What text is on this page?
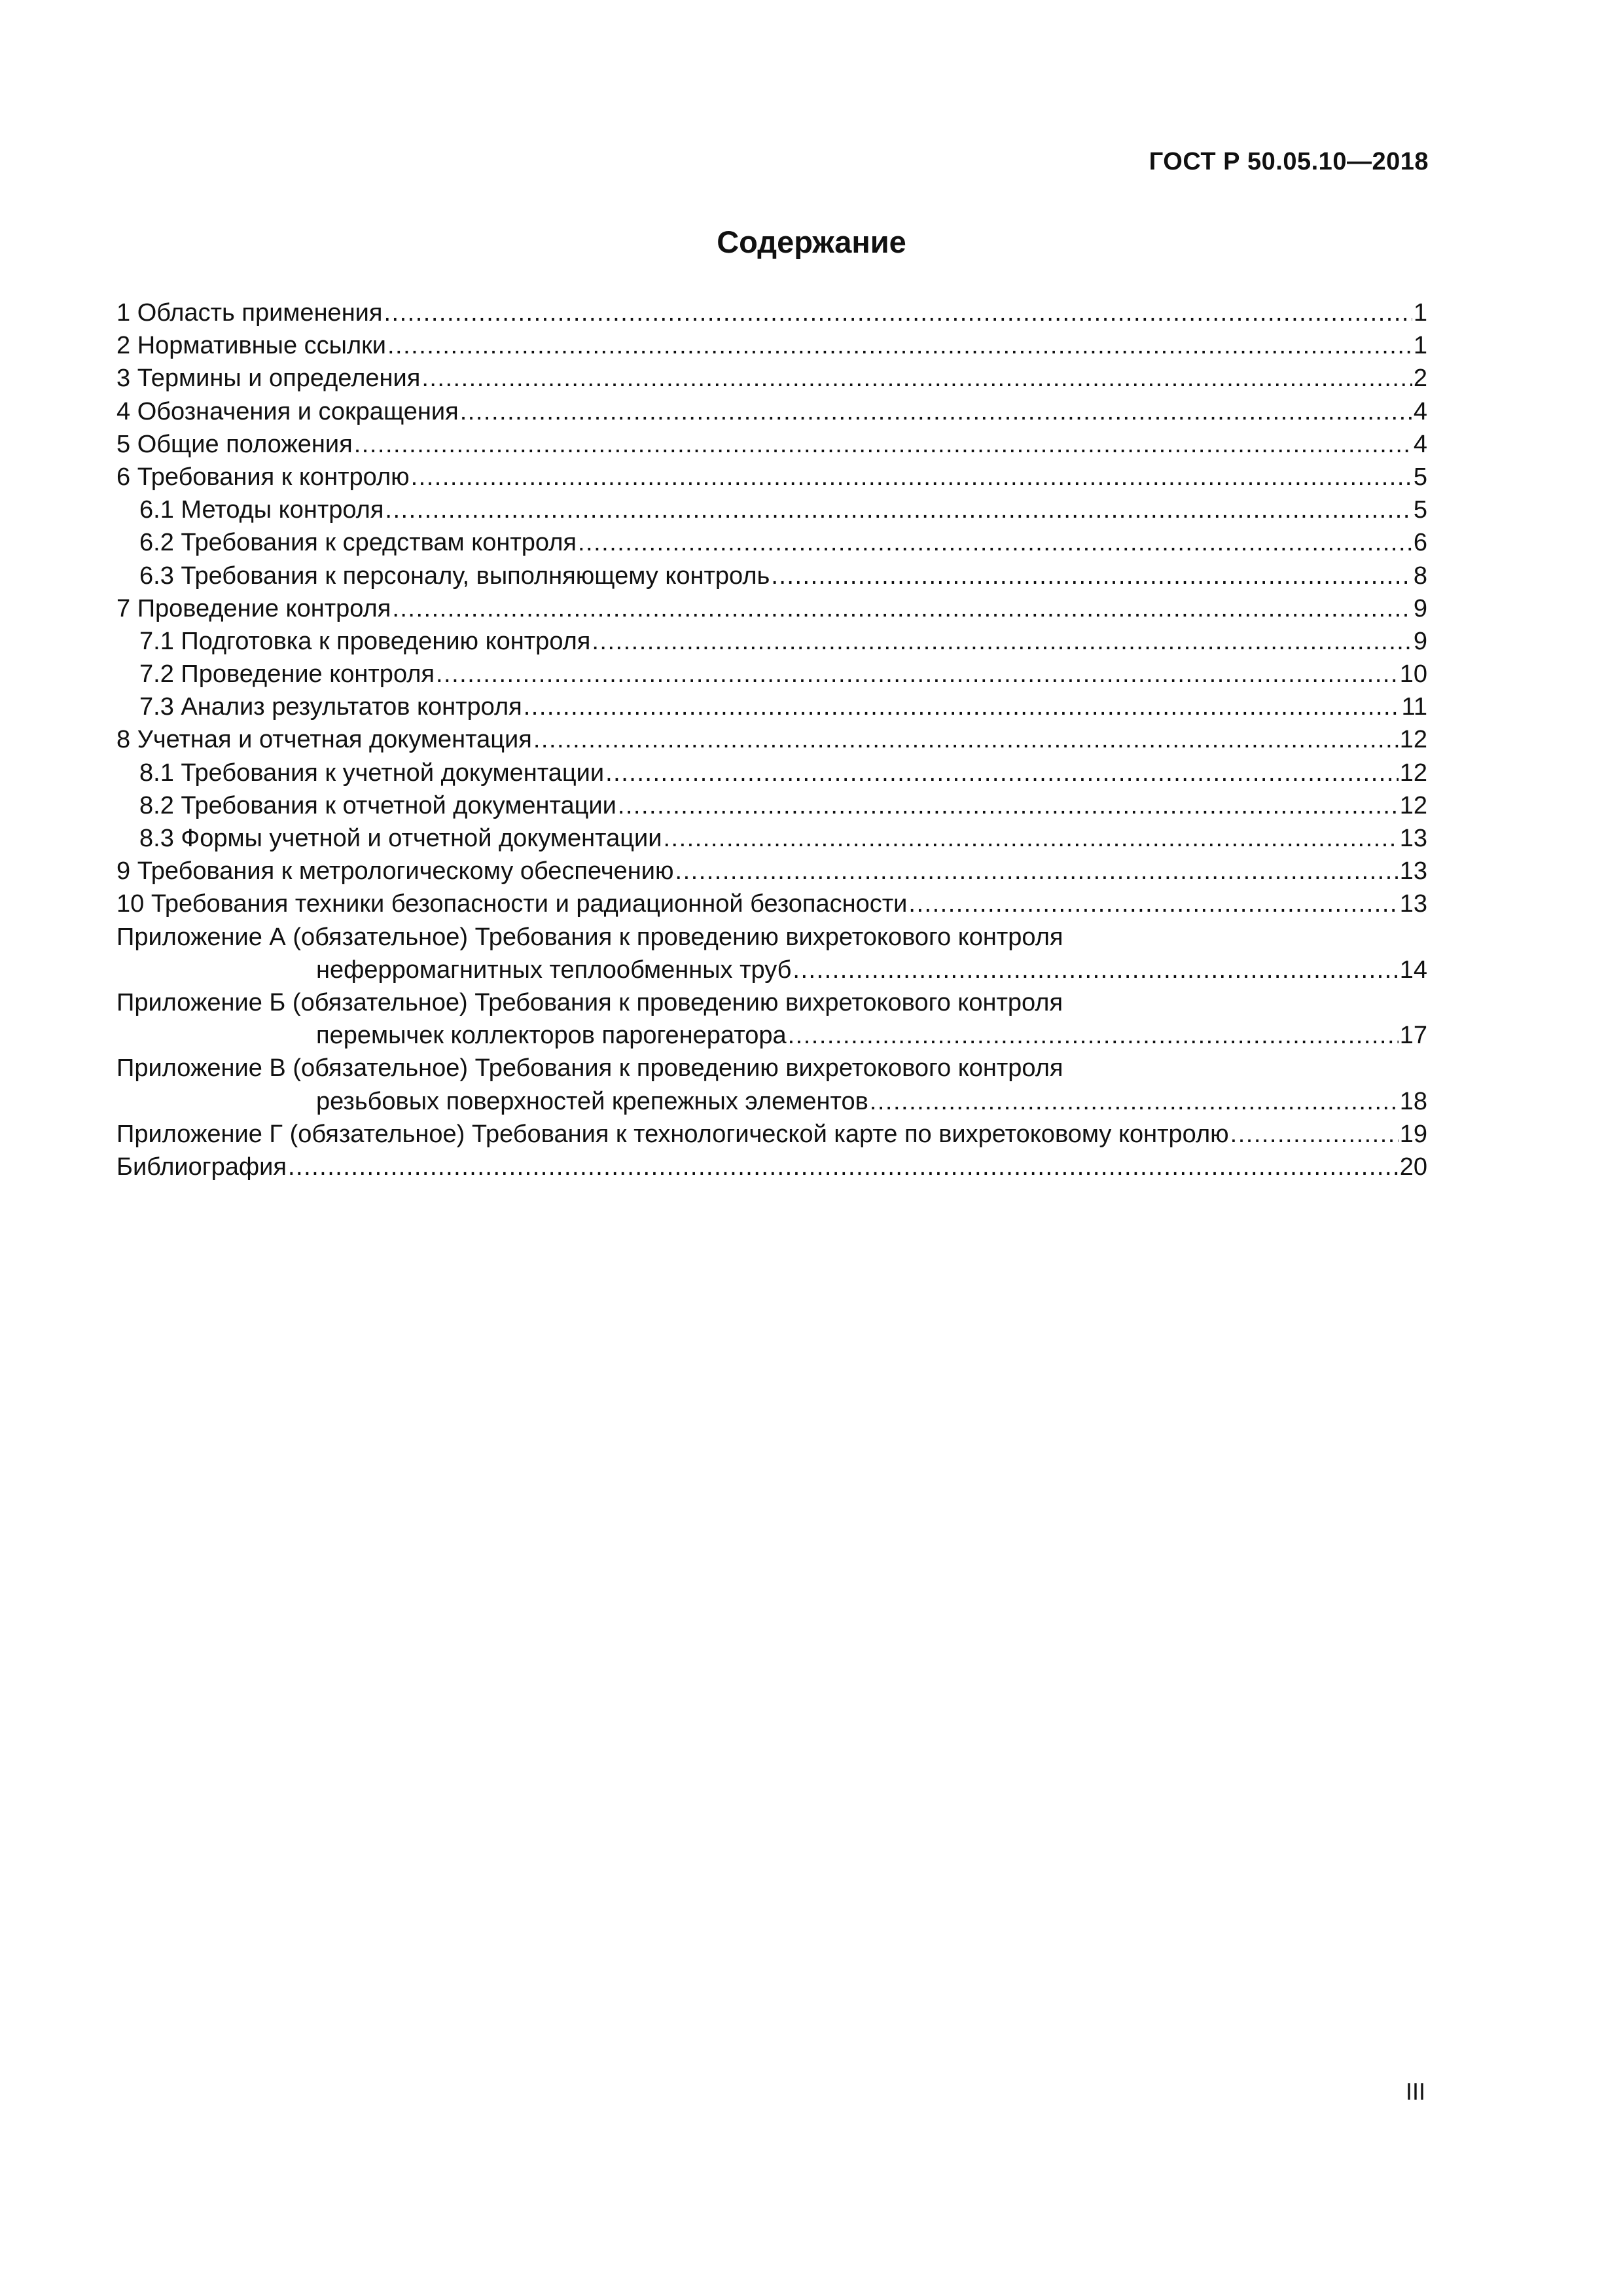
ГОСТ Р 50.05.10—2018
Содержание
1 Область применения .....	1
2 Нормативные ссылки .....	1
3 Термины и определения .....	2
4 Обозначения и сокращения .....	4
5 Общие положения .....	4
6 Требования к контролю .....	5
6.1 Методы контроля .....	5
6.2 Требования к средствам контроля .....	6
6.3 Требования к персоналу, выполняющему контроль .....	8
7 Проведение контроля .....	9
7.1 Подготовка к проведению контроля .....	9
7.2 Проведение контроля .....	10
7.3 Анализ результатов контроля .....	11
8 Учетная и отчетная документация .....	12
8.1 Требования к учетной документации .....	12
8.2 Требования к отчетной документации .....	12
8.3 Формы учетной и отчетной документации .....	13
9 Требования к метрологическому обеспечению .....	13
10 Требования техники безопасности и радиационной безопасности .....	13
Приложение А (обязательное) Требования к проведению вихретокового контроля
неферромагнитных теплообменных труб .....	14
Приложение Б (обязательное) Требования к проведению вихретокового контроля
перемычек коллекторов парогенератора .....	17
Приложение В (обязательное) Требования к проведению вихретокового контроля
резьбовых поверхностей крепежных элементов .....	18
Приложение Г (обязательное) Требования к технологической карте по вихретоковому контролю .....	19
Библиография .....	20
III
